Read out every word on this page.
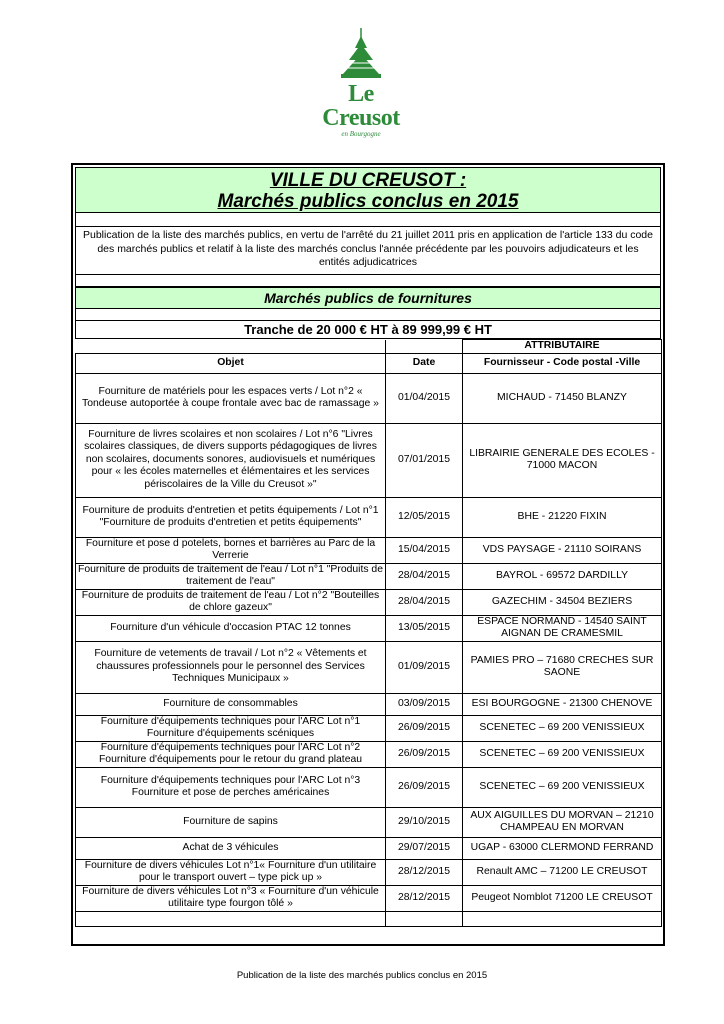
Le Creusot
en Bourgogne
VILLE DU CREUSOT :
Marchés publics conclus en 2015
Publication de la liste des marchés publics, en vertu de l'arrêté du 21 juillet 2011 pris en application de l'article 133 du code des marchés publics et relatif à la liste des marchés conclus l'année précédente par les pouvoirs adjudicateurs et les entités adjudicatrices
Marchés publics de fournitures
Tranche de 20 000 € HT à 89 999,99 € HT
		ATTRIBUTAIRE
Objet	Date	Fournisseur - Code postal -Ville
Fourniture de matériels pour les espaces verts / Lot n°2 « Tondeuse autoportée à coupe frontale avec bac de ramassage »	01/04/2015	MICHAUD - 71450 BLANZY
Fourniture de livres scolaires et non scolaires / Lot n°6 "Livres scolaires classiques, de divers supports pédagogiques de livres non scolaires, documents sonores, audiovisuels et numériques pour « les écoles maternelles et élémentaires et les services périscolaires de la Ville du Creusot »"	07/01/2015	LIBRAIRIE GENERALE DES ECOLES - 71000 MACON
Fourniture de produits d'entretien et petits équipements / Lot n°1 "Fourniture de produits d'entretien et petits équipements"	12/05/2015	BHE - 21220 FIXIN
Fourniture et pose d potelets, bornes et barrières au Parc de la Verrerie	15/04/2015	VDS PAYSAGE - 21110 SOIRANS
Fourniture de produits de traitement de l'eau / Lot n°1 "Produits de traitement de l'eau"	28/04/2015	BAYROL - 69572 DARDILLY
Fourniture de produits de traitement de l'eau / Lot n°2 "Bouteilles de chlore gazeux"	28/04/2015	GAZECHIM - 34504 BEZIERS
Fourniture d'un véhicule d'occasion PTAC 12 tonnes	13/05/2015	ESPACE NORMAND - 14540 SAINT AIGNAN DE CRAMESMIL
Fourniture de vetements de travail / Lot n°2 « Vêtements et chaussures professionnels pour le personnel des Services Techniques Municipaux »	01/09/2015	PAMIES PRO – 71680 CRECHES SUR SAONE
Fourniture de consommables	03/09/2015	ESI BOURGOGNE - 21300 CHENOVE
Fourniture d'équipements techniques pour l'ARC Lot n°1 Fourniture d'équipements scéniques	26/09/2015	SCENETEC – 69 200 VENISSIEUX
Fourniture d'équipements techniques pour l'ARC Lot n°2 Fourniture d'équipements pour le retour du grand plateau	26/09/2015	SCENETEC – 69 200 VENISSIEUX
Fourniture d'équipements techniques pour l'ARC Lot n°3 Fourniture et pose de perches américaines	26/09/2015	SCENETEC – 69 200 VENISSIEUX
Fourniture de sapins	29/10/2015	AUX AIGUILLES DU MORVAN – 21210 CHAMPEAU EN MORVAN
Achat de 3 véhicules	29/07/2015	UGAP - 63000 CLERMOND FERRAND
Fourniture de divers véhicules Lot n°1« Fourniture d'un utilitaire pour le transport ouvert – type pick up »	28/12/2015	Renault AMC – 71200 LE CREUSOT
Fourniture de divers véhicules Lot n°3 « Fourniture d'un véhicule utilitaire type fourgon tôlé »	28/12/2015	Peugeot Nomblot 71200 LE CREUSOT

Publication de la liste des marchés publics conclus en 2015
